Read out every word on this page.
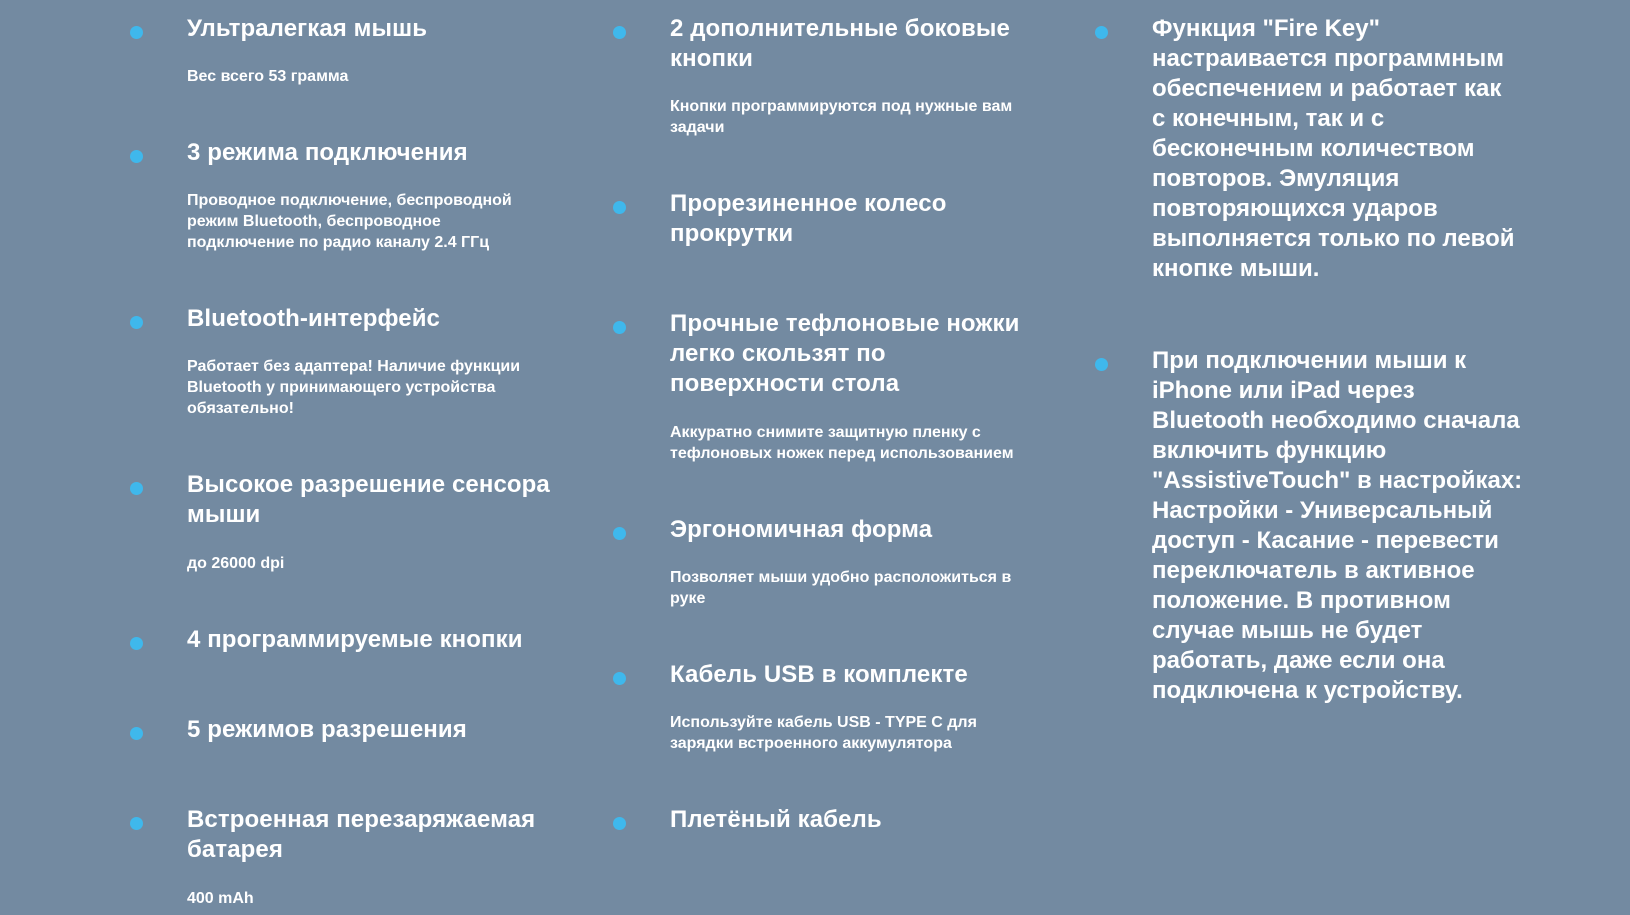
Ультралегкая мышь

Вес всего 53 грамма

3 режима подключения

Проводное подключение, беспроводной
режим Bluetooth, беспроводное
подключение по радио каналу 2.4 ГГц

Bluetooth-интерфейс

Работает без адаптера! Наличие функции
Bluetooth у принимающего устройства
обязательно!

Высокое разрешение сенсора
мыши

до 26000 dpi

4 программируемые кнопки
5 режимов разрешения
Встроенная перезаряжаемая
батарея

400 mAh

2 дополнительные боковые
кнопки

Кнопки программируются под нужные вам
задачи

Прорезиненное колесо
прокрутки
Прочные тефлоновые ножки
легко скользят по
поверхности стола

Аккуратно снимите защитную пленку с
тефлоновых ножек перед использованием

Эргономичная форма

Позволяет мыши удобно расположиться в
руке

Кабель USB в комплекте

Используйте кабель USB - TYPE C для
зарядки встроенного аккумулятора

Плетёный кабель

Функция "Fire Key"
настраивается программным
обеспечением и работает как
с конечным, так и с
бесконечным количеством
повторов. Эмуляция
повторяющихся ударов
выполняется только по левой
кнопке мыши.

При подключении мыши к
iPhone или iPad через
Bluetooth необходимо сначала
включить функцию
"AssistiveTouch" в настройках:
Настройки - Универсальный
доступ - Касание - перевести
переключатель в активное
положение. В противном
случае мышь не будет
работать, даже если она
подключена к устройству.
